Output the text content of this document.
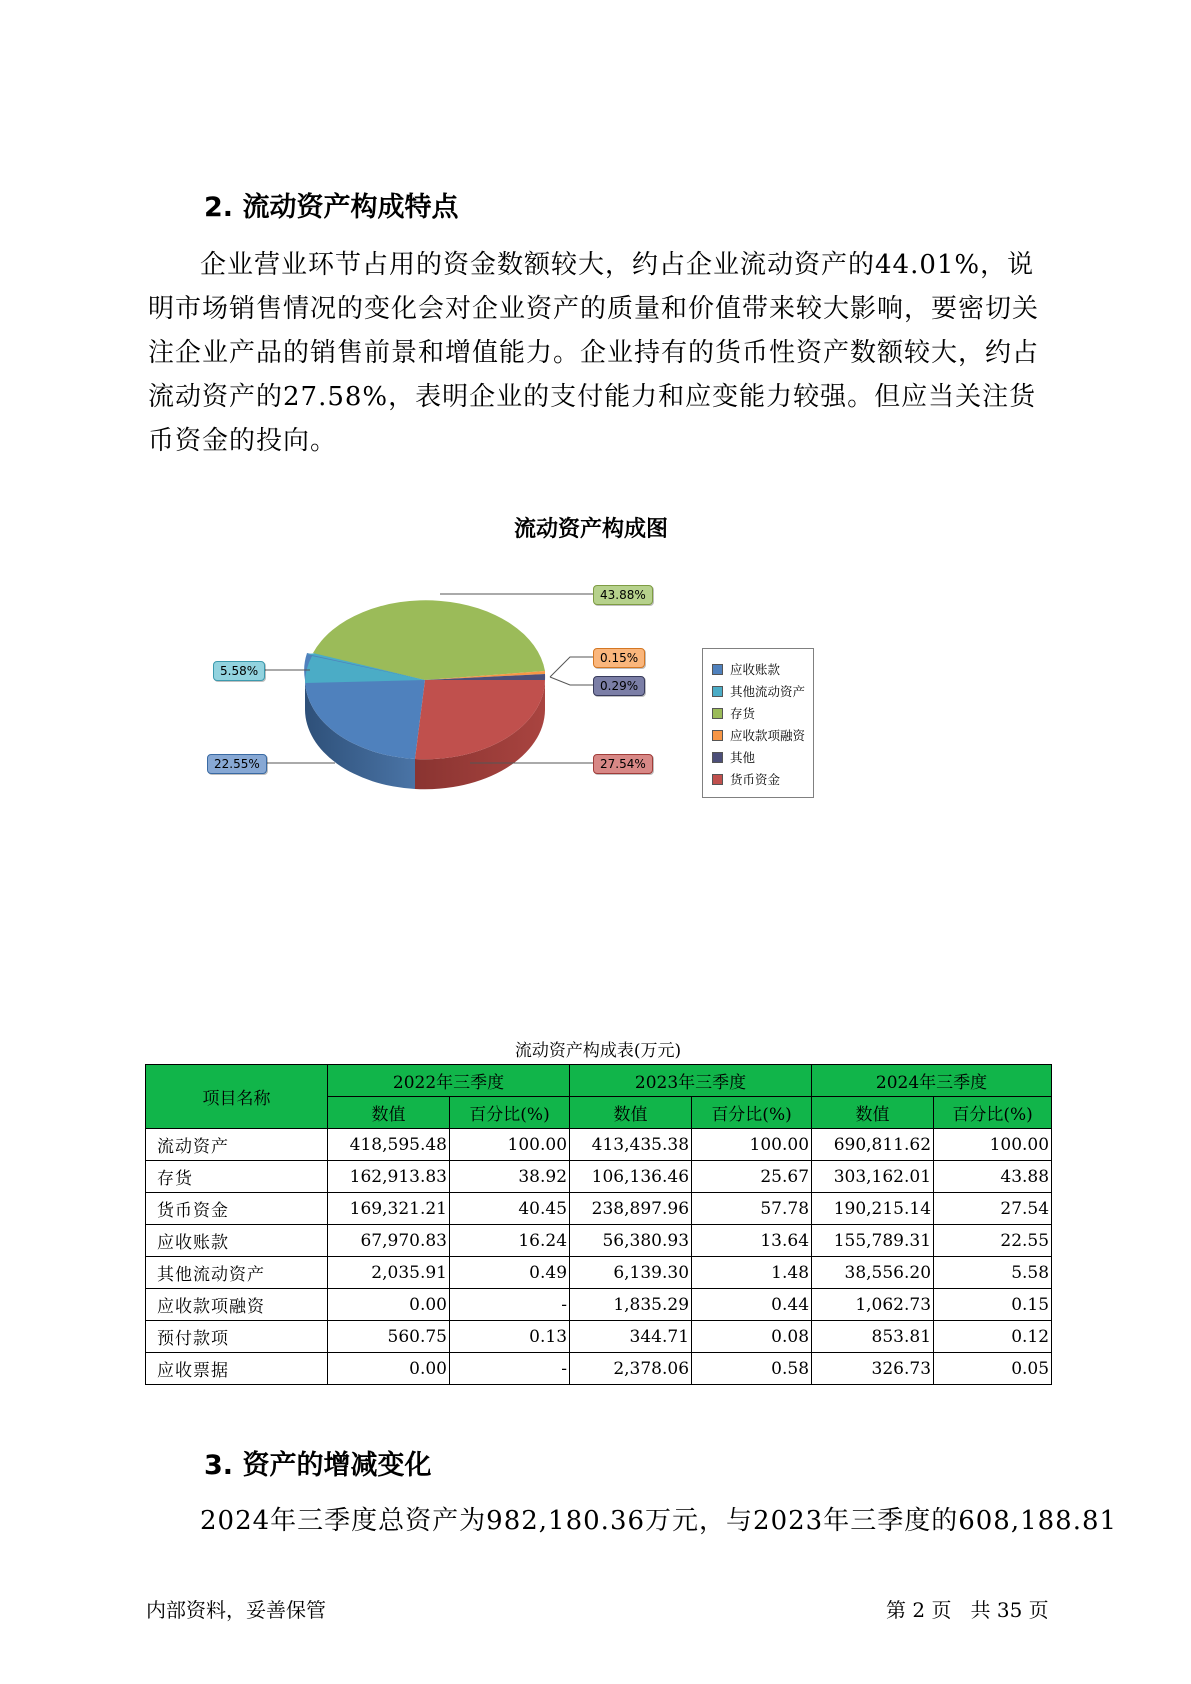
2. 流动资产构成特点

企业营业环节占用的资金数额较大，约占企业流动资产的44.01%，说明市场销售情况的变化会对企业资产的质量和价值带来较大影响，要密切关注企业产品的销售前景和增值能力。企业持有的货币性资产数额较大，约占流动资产的27.58%，表明企业的支付能力和应变能力较强。但应当关注货币资金的投向。

流动资产构成图
43.88%
5.58%
0.15%
0.29%
22.55%	27.54%
应收账款
其他流动资产
存货
应收款项融资
其他
货币资金
流动资产构成表(万元)
项目名称	2022年三季度		2023年三季度		2024年三季度	
	数值	百分比(%)	数值	百分比(%)	数值	百分比(%)
流动资产	418,595.48	100.00	413,435.38	100.00	690,811.62	100.00
存货	162,913.83	38.92	106,136.46	25.67	303,162.01	43.88
货币资金	169,321.21	40.45	238,897.96	57.78	190,215.14	27.54
应收账款	67,970.83	16.24	56,380.93	13.64	155,789.31	22.55
其他流动资产	2,035.91	0.49	6,139.30	1.48	38,556.20	5.58
应收款项融资	0.00	-	1,835.29	0.44	1,062.73	0.15
预付款项	560.75	0.13	344.71	0.08	853.81	0.12
应收票据	0.00	-	2,378.06	0.58	326.73	0.05
3. 资产的增减变化

2024年三季度总资产为982,180.36万元，与2023年三季度的608,188.81

内部资料，妥善保管	第 2 页   共 35 页
